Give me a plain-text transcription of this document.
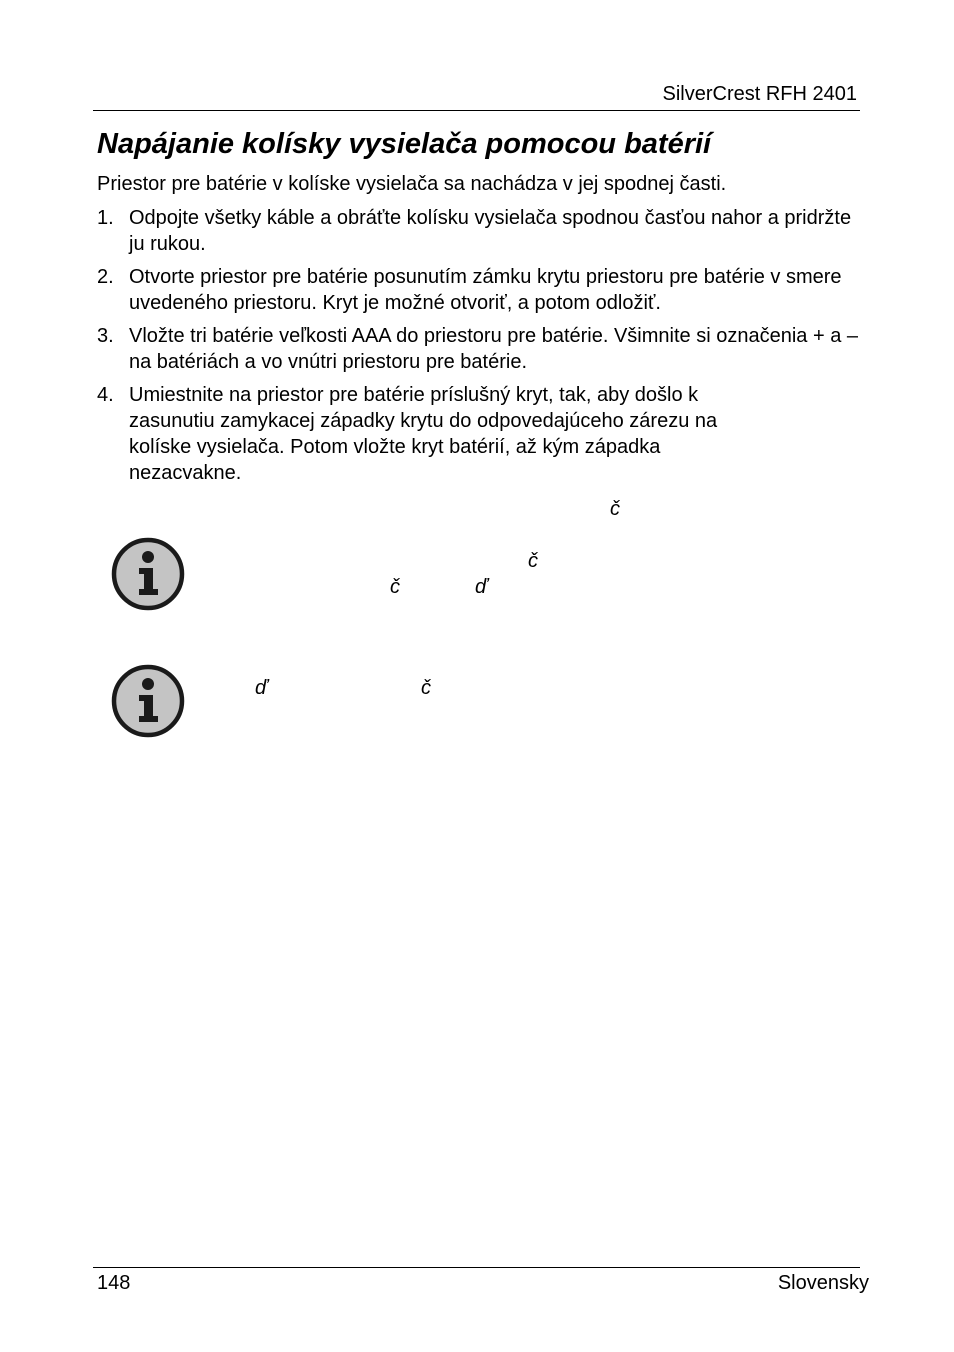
SilverCrest RFH 2401
Napájanie kolísky vysielača pomocou batérií
Priestor pre batérie v kolíske vysielača sa nachádza v jej spodnej časti.
1. Odpojte všetky káble a obráťte kolísku vysielača spodnou časťou nahor a pridržte ju rukou.
2. Otvorte priestor pre batérie posunutím zámku krytu priestoru pre batérie v smere uvedeného priestoru. Kryt je možné otvoriť, a potom odložiť.
3. Vložte tri batérie veľkosti AAA do priestoru pre batérie. Všimnite si označenia + a – na batériách a vo vnútri priestoru pre batérie.
4. Umiestnite na priestor pre batérie príslušný kryt, tak, aby došlo k zasunutiu zamykacej západky krytu do odpovedajúceho zárezu na kolíske vysielača. Potom vložte kryt batérií, až kým západka nezacvakne.
č
č
č	ď
ď	č
148	Slovensky
